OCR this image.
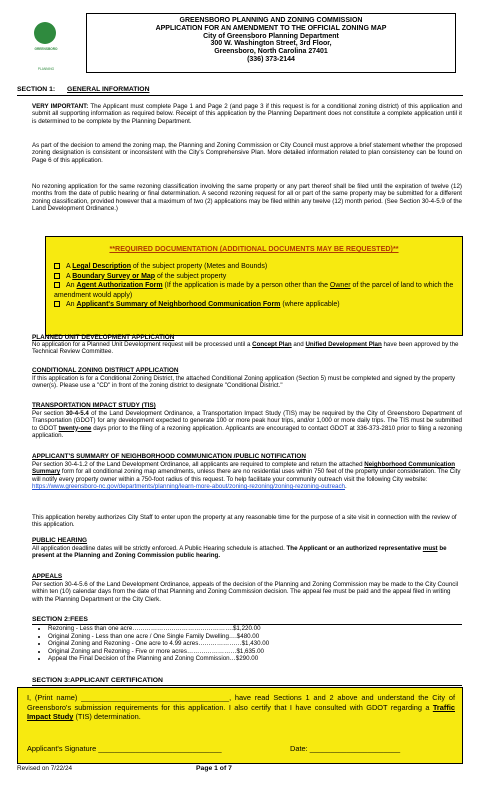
GREENSBORO
PLANNING
GREENSBORO PLANNING AND ZONING COMMISSION
APPLICATION FOR AN AMENDMENT TO THE OFFICIAL ZONING MAP
City of Greensboro Planning Department
300 W. Washington Street, 3rd Floor,
Greensboro, North Carolina 27401
(336) 373-2144
SECTION 1: GENERAL INFORMATION

VERY IMPORTANT: The Applicant must complete Page 1 and Page 2 (and page 3 if this request is for a conditional zoning district) of this application and submit all supporting information as required below. Receipt of this application by the Planning Department does not constitute a complete application until it is determined to be complete by the Planning Department.

As part of the decision to amend the zoning map, the Planning and Zoning Commission or City Council must approve a brief statement whether the proposed zoning designation is consistent or inconsistent with the City's Comprehensive Plan. More detailed information related to plan consistency can be found on Page 6 of this application.

No rezoning application for the same rezoning classification involving the same property or any part thereof shall be filed until the expiration of twelve (12) months from the date of public hearing or final determination. A second rezoning request for all or part of the same property may be submitted for a different zoning classification, provided however that a maximum of two (2) applications may be filed within any twelve (12) month period. (See Section 30-4-5.9 of the Land Development Ordinance.)

**REQUIRED DOCUMENTATION (ADDITIONAL DOCUMENTS MAY BE REQUESTED)**
A Legal Description of the subject property (Metes and Bounds)
A Boundary Survey or Map of the subject property
An Agent Authorization Form (If the application is made by a person other than the Owner of the parcel of land to which the amendment would apply)
An Applicant's Summary of Neighborhood Communication Form (where applicable)
PLANNED UNIT DEVELOPMENT APPLICATION

No application for a Planned Unit Development request will be processed until a Concept Plan and Unified Development Plan have been approved by the Technical Review Committee.

CONDITIONAL ZONING DISTRICT APPLICATION

If this application is for a Conditional Zoning District, the attached Conditional Zoning application (Section 5) must be completed and signed by the property owner(s). Please use a "CD" in front of the zoning district to designate "Conditional District."

TRANSPORTATION IMPACT STUDY (TIS)

Per section 30-4-5.4 of the Land Development Ordinance, a Transportation Impact Study (TIS) may be required by the City of Greensboro Department of Transportation (GDOT) for any development expected to generate 100 or more peak hour trips, and/or 1,000 or more daily trips. The TIS must be submitted to GDOT twenty-one days prior to the filing of a rezoning application. Applicants are encouraged to contact GDOT at 336-373-2810 prior to filing a rezoning application.

APPLICANT'S SUMMARY OF NEIGHBORHOOD COMMUNICATION /PUBLIC NOTIFICATION

Per section 30-4-1.2 of the Land Development Ordinance, all applicants are required to complete and return the attached Neighborhood Communication Summary form for all conditional zoning map amendments, unless there are no residential uses within 750 feet of the property under consideration. The City will notify every property owner within a 750-foot radius of this request. To help facilitate your community outreach visit the following City website: https://www.greensboro-nc.gov/departments/planning/learn-more-about/zoning-rezoning/zoning-rezoning-outreach.

This application hereby authorizes City Staff to enter upon the property at any reasonable time for the purpose of a site visit in connection with the review of this application.

PUBLIC HEARING

All application deadline dates will be strictly enforced. A Public Hearing schedule is attached. The Applicant or an authorized representative must be present at the Planning and Zoning Commission public hearing.

APPEALS

Per section 30-4-5.6 of the Land Development Ordinance, appeals of the decision of the Planning and Zoning Commission may be made to the City Council within ten (10) calendar days from the date of that Planning and Zoning Commission decision. The appeal fee must be paid and the appeal filed in writing with the Planning Department or the City Clerk.

SECTION 2:FEES
• Rezoning - Less than one acre………………………………………….$1,220.00
• Original Zoning - Less than one acre / One Single Family Dwelling….$480.00
• Original Zoning and Rezoning - One acre to 4.99 acres…………………$1,430.00
• Original Zoning and Rezoning - Five or more acres……………………$1,635.00
• Appeal the Final Decision of the Planning and Zoning Commission…$290.00
SECTION 3:APPLICANT CERTIFICATION

I, (Print name) ____________________________________, have read Sections 1 and 2 above and understand the City of Greensboro's submission requirements for this application. I also certify that I have consulted with GDOT regarding a Traffic Impact Study (TIS) determination.

Applicant's Signature ______________________________	Date: ______________________
Revised on 7/22/24	Page 1 of 7
